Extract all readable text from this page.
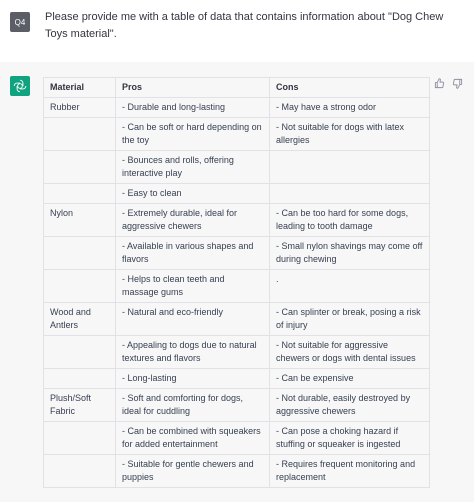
Q4	Please provide me with a table of data that contains information about "Dog Chew Toys material".
Material	Pros	Cons
Rubber	- Durable and long-lasting	- May have a strong odor
	- Can be soft or hard depending on the toy	- Not suitable for dogs with latex allergies
	- Bounces and rolls, offering interactive play	
	- Easy to clean	
Nylon	- Extremely durable, ideal for aggressive chewers	- Can be too hard for some dogs, leading to tooth damage
	- Available in various shapes and flavors	- Small nylon shavings may come off during chewing
	- Helps to clean teeth and massage gums	.
Wood and Antlers	- Natural and eco-friendly	- Can splinter or break, posing a risk of injury
	- Appealing to dogs due to natural textures and flavors	- Not suitable for aggressive chewers or dogs with dental issues
	- Long-lasting	- Can be expensive
Plush/Soft Fabric	- Soft and comforting for dogs, ideal for cuddling	- Not durable, easily destroyed by aggressive chewers
	- Can be combined with squeakers for added entertainment	- Can pose a choking hazard if stuffing or squeaker is ingested
	- Suitable for gentle chewers and puppies	- Requires frequent monitoring and replacement
